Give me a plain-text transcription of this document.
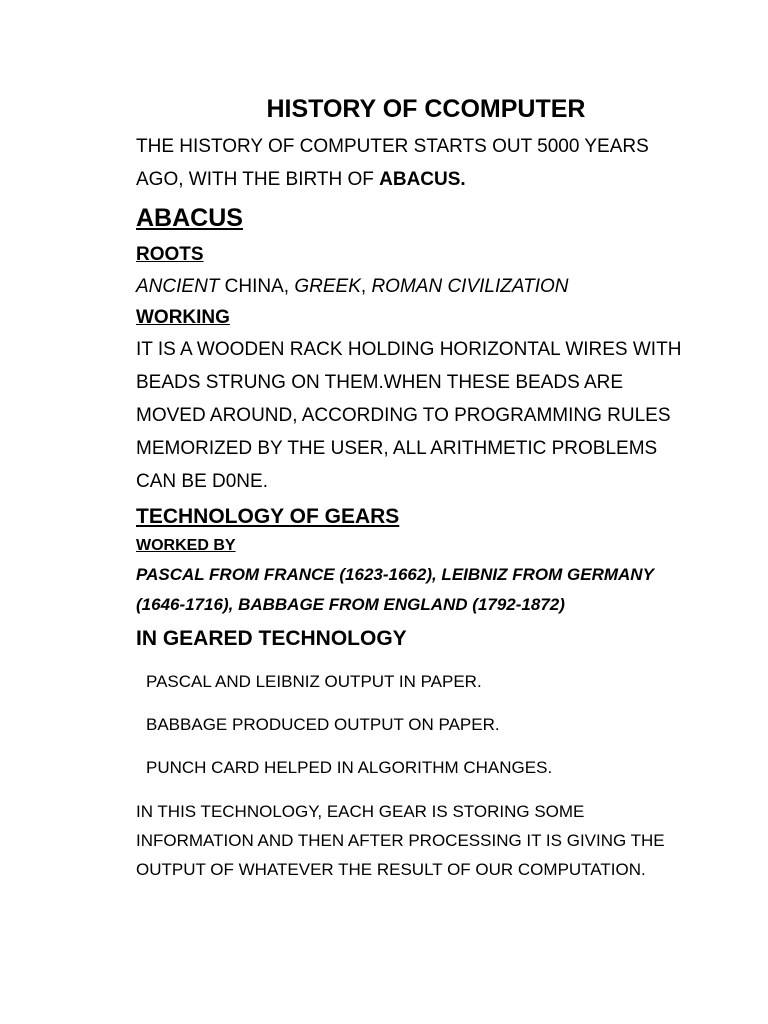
HISTORY OF CCOMPUTER

THE HISTORY OF COMPUTER STARTS OUT 5000 YEARS AGO, WITH THE BIRTH OF ABACUS.

ABACUS
ROOTS

ANCIENT CHINA, GREEK, ROMAN CIVILIZATION

WORKING

IT IS A WOODEN RACK HOLDING HORIZONTAL WIRES WITH BEADS STRUNG ON THEM.WHEN THESE BEADS ARE MOVED AROUND, ACCORDING TO PROGRAMMING RULES MEMORIZED BY THE USER, ALL ARITHMETIC PROBLEMS CAN BE D0NE.

TECHNOLOGY OF GEARS
WORKED BY

PASCAL FROM FRANCE (1623-1662), LEIBNIZ FROM GERMANY (1646-1716), BABBAGE FROM ENGLAND (1792-1872)

IN GEARED TECHNOLOGY

PASCAL AND LEIBNIZ OUTPUT IN PAPER.

BABBAGE PRODUCED OUTPUT ON PAPER.

PUNCH CARD HELPED IN ALGORITHM CHANGES.

IN THIS TECHNOLOGY, EACH GEAR IS STORING SOME INFORMATION AND THEN AFTER PROCESSING IT IS GIVING THE OUTPUT OF WHATEVER THE RESULT OF OUR COMPUTATION.
